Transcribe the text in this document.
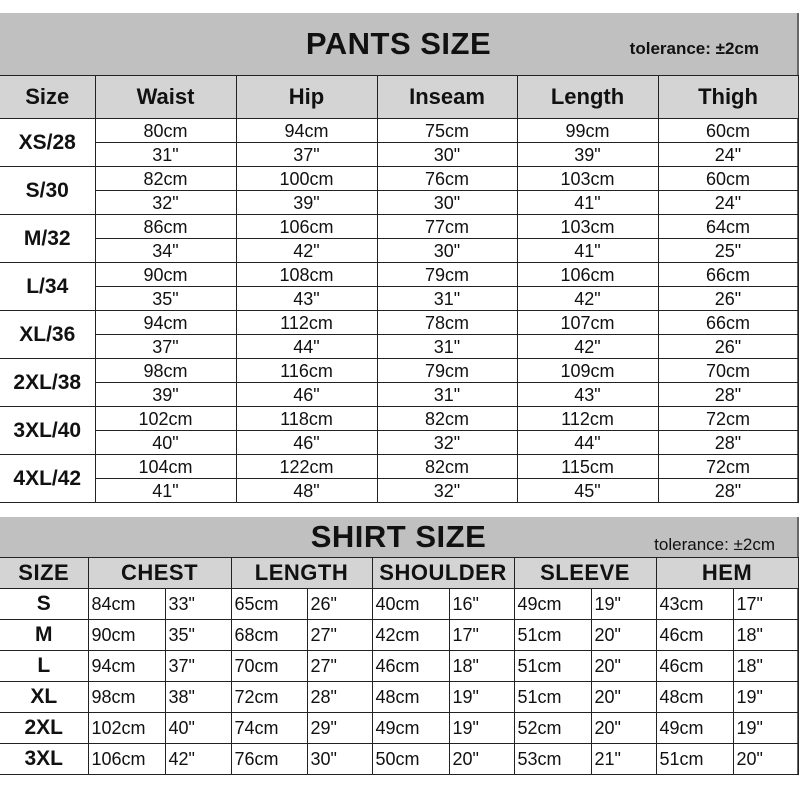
PANTS SIZE	tolerance: ±2cm
Size	Waist	Hip	Inseam	Length	Thigh
XS/28	80cm	94cm	75cm	99cm	60cm
	31"	37"	30"	39"	24"
S/30	82cm	100cm	76cm	103cm	60cm
	32"	39"	30"	41"	24"
M/32	86cm	106cm	77cm	103cm	64cm
	34"	42"	30"	41"	25"
L/34	90cm	108cm	79cm	106cm	66cm
	35"	43"	31"	42"	26"
XL/36	94cm	112cm	78cm	107cm	66cm
	37"	44"	31"	42"	26"
2XL/38	98cm	116cm	79cm	109cm	70cm
	39"	46"	31"	43"	28"
3XL/40	102cm	118cm	82cm	112cm	72cm
	40"	46"	32"	44"	28"
4XL/42	104cm	122cm	82cm	115cm	72cm
	41"	48"	32"	45"	28"
SHIRT SIZE	tolerance: ±2cm
SIZE	CHEST		LENGTH		SHOULDER		SLEEVE		HEM	
S	84cm	33"	65cm	26"	40cm	16"	49cm	19"	43cm	17"
M	90cm	35"	68cm	27"	42cm	17"	51cm	20"	46cm	18"
L	94cm	37"	70cm	27"	46cm	18"	51cm	20"	46cm	18"
XL	98cm	38"	72cm	28"	48cm	19"	51cm	20"	48cm	19"
2XL	102cm	40"	74cm	29"	49cm	19"	52cm	20"	49cm	19"
3XL	106cm	42"	76cm	30"	50cm	20"	53cm	21"	51cm	20"
